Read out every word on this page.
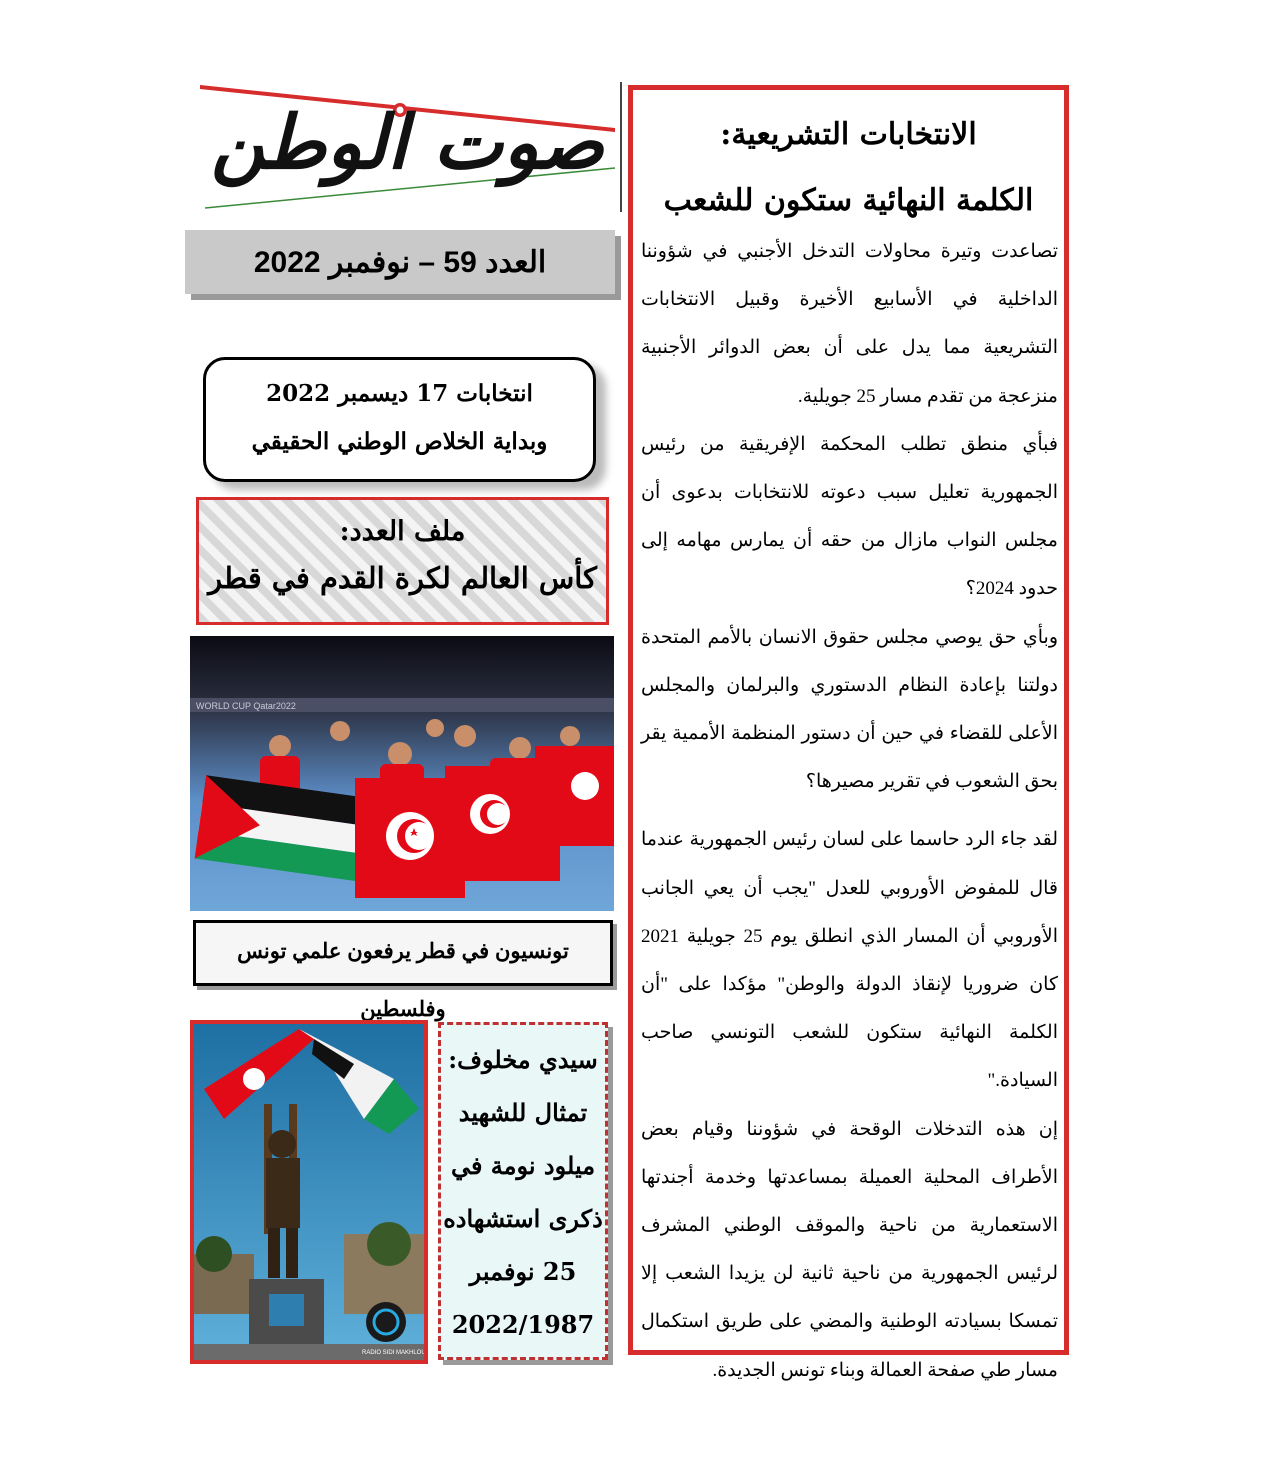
صوت الوطن
العدد 59 – نوفمبر 2022
انتخابات 17 ديسمبر 2022
وبداية الخلاص الوطني الحقيقي
ملف العدد:
كأس العالم لكرة القدم في قطر
WORLD CUP Qatar2022
تونسيون في قطر يرفعون علمي تونس وفلسطين
RADIO SIDI MAKHLOUF
سيدي مخلوف:
تمثال للشهيد
ميلود نومة في
ذكرى استشهاده
25 نوفمبر
2022/1987
الانتخابات التشريعية:
الكلمة النهائية ستكون للشعب

تصاعدت وتيرة محاولات التدخل الأجنبي في شؤوننا الداخلية في الأسابيع الأخيرة وقبيل الانتخابات التشريعية مما يدل على أن بعض الدوائر الأجنبية منزعجة من تقدم مسار 25 جويلية.

فبأي منطق تطلب المحكمة الإفريقية من رئيس الجمهورية تعليل سبب دعوته للانتخابات بدعوى أن مجلس النواب مازال من حقه أن يمارس مهامه إلى حدود 2024؟

وبأي حق يوصي مجلس حقوق الانسان بالأمم المتحدة دولتنا بإعادة النظام الدستوري والبرلمان والمجلس الأعلى للقضاء في حين أن دستور المنظمة الأممية يقر بحق الشعوب في تقرير مصيرها؟

لقد جاء الرد حاسما على لسان رئيس الجمهورية عندما قال للمفوض الأوروبي للعدل "يجب أن يعي الجانب الأوروبي أن المسار الذي انطلق يوم 25 جويلية 2021 كان ضروريا لإنقاذ الدولة والوطن" مؤكدا على "أن الكلمة النهائية ستكون للشعب التونسي صاحب السيادة."

إن هذه التدخلات الوقحة في شؤوننا وقيام بعض الأطراف المحلية العميلة بمساعدتها وخدمة أجندتها الاستعمارية من ناحية والموقف الوطني المشرف لرئيس الجمهورية من ناحية ثانية لن يزيدا الشعب إلا تمسكا بسيادته الوطنية والمضي على طريق استكمال مسار طي صفحة العمالة وبناء تونس الجديدة.
